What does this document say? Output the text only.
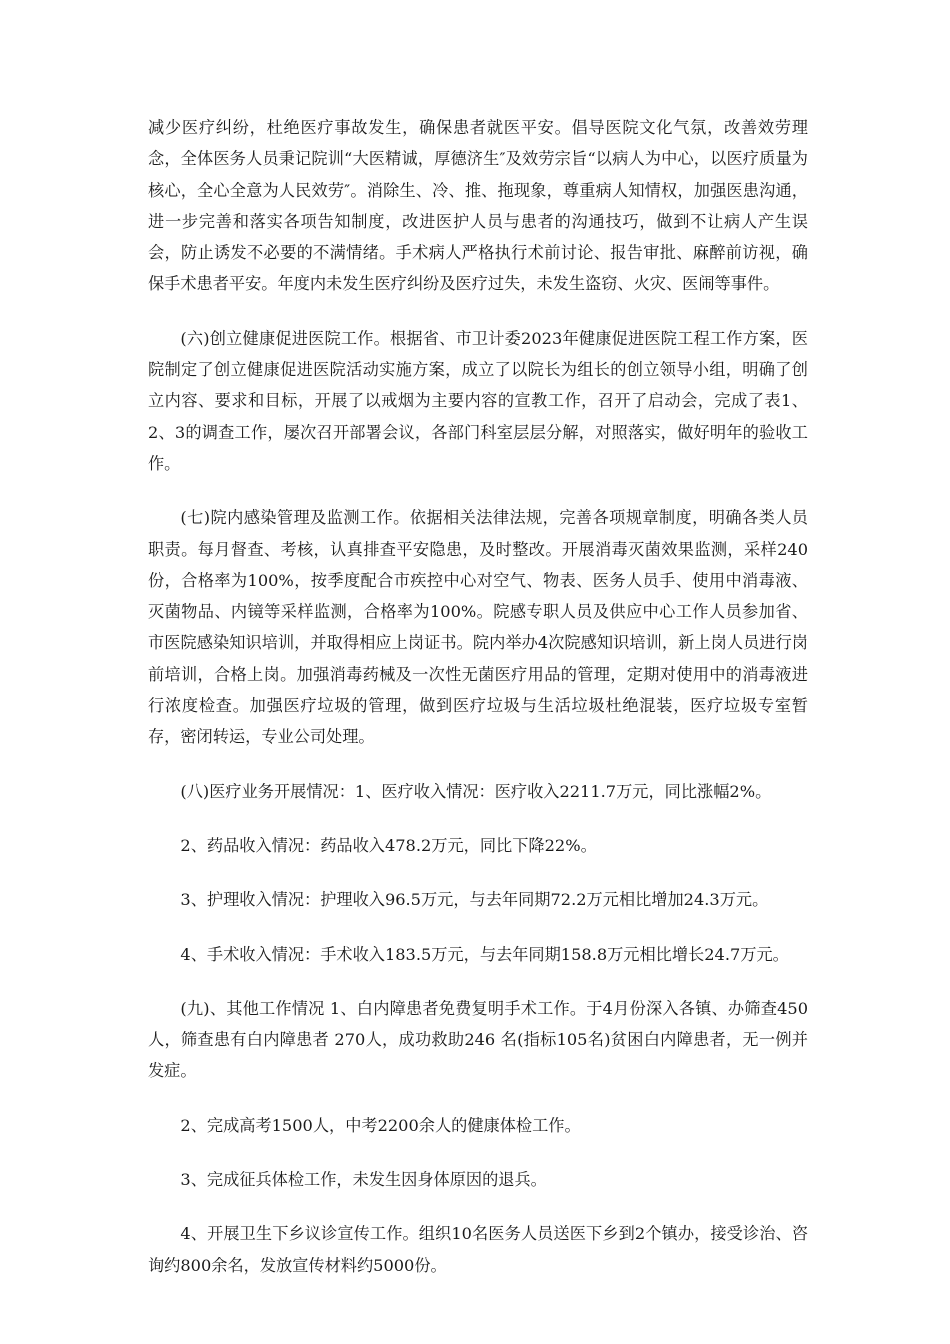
减少医疗纠纷，杜绝医疗事故发生，确保患者就医平安。倡导医院文化气氛，改善效劳理念，全体医务人员秉记院训“大医精诚，厚德济生″及效劳宗旨“以病人为中心，以医疗质量为核心，全心全意为人民效劳″。消除生、冷、推、拖现象，尊重病人知情权，加强医患沟通，进一步完善和落实各项告知制度，改进医护人员与患者的沟通技巧，做到不让病人产生误会，防止诱发不必要的不满情绪。手术病人严格执行术前讨论、报告审批、麻醉前访视，确保手术患者平安。年度内未发生医疗纠纷及医疗过失，未发生盗窃、火灾、医闹等事件。

(六)创立健康促进医院工作。根据省、市卫计委2023年健康促进医院工程工作方案，医院制定了创立健康促进医院活动实施方案，成立了以院长为组长的创立领导小组，明确了创立内容、要求和目标，开展了以戒烟为主要内容的宣教工作，召开了启动会，完成了表1、2、3的调查工作，屡次召开部署会议，各部门科室层层分解，对照落实，做好明年的验收工作。

(七)院内感染管理及监测工作。依据相关法律法规，完善各项规章制度，明确各类人员职责。每月督查、考核，认真排查平安隐患，及时整改。开展消毒灭菌效果监测，采样240份，合格率为100%，按季度配合市疾控中心对空气、物表、医务人员手、使用中消毒液、灭菌物品、内镜等采样监测，合格率为100%。院感专职人员及供应中心工作人员参加省、市医院感染知识培训，并取得相应上岗证书。院内举办4次院感知识培训，新上岗人员进行岗前培训，合格上岗。加强消毒药械及一次性无菌医疗用品的管理，定期对使用中的消毒液进行浓度检查。加强医疗垃圾的管理，做到医疗垃圾与生活垃圾杜绝混装，医疗垃圾专室暂存，密闭转运，专业公司处理。

(八)医疗业务开展情况：1、医疗收入情况：医疗收入2211.7万元，同比涨幅2%。

2、药品收入情况：药品收入478.2万元，同比下降22%。

3、护理收入情况：护理收入96.5万元，与去年同期72.2万元相比增加24.3万元。

4、手术收入情况：手术收入183.5万元，与去年同期158.8万元相比增长24.7万元。

(九)、其他工作情况 1、白内障患者免费复明手术工作。于4月份深入各镇、办筛查450人，筛查患有白内障患者 270人，成功救助246 名(指标105名)贫困白内障患者，无一例并发症。

2、完成高考1500人，中考2200余人的健康体检工作。

3、完成征兵体检工作，未发生因身体原因的退兵。

4、开展卫生下乡议诊宣传工作。组织10名医务人员送医下乡到2个镇办，接受诊治、咨询约800余名，发放宣传材料约5000份。
